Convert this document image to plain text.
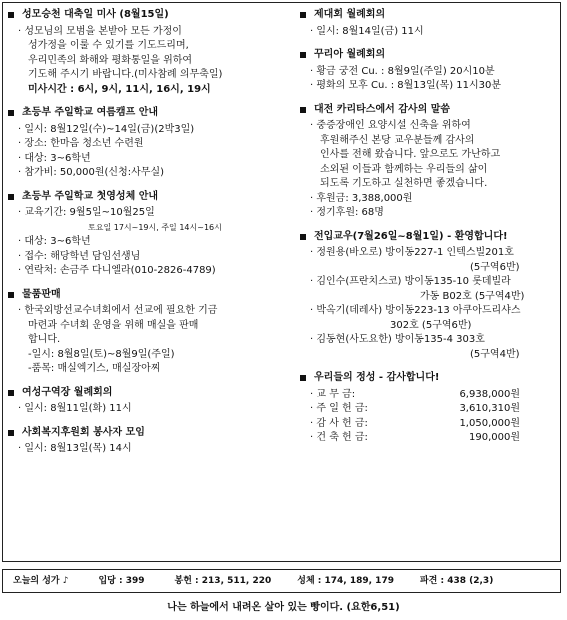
성모승천 대축일 미사 (8월15일)
· 성모님의 모범을 본받아 모든 가정이
성가정을 이룰 수 있기를 기도드리며,
우리민족의 화해와 평화통일을 위하여
기도해 주시기 바랍니다.(미사참례 의무축일)
미사시간 : 6시, 9시, 11시, 16시, 19시
초등부 주일학교 여름캠프 안내
· 일시: 8월12일(수)~14일(금)(2박3일)
· 장소: 한마음 청소년 수련원
· 대상: 3~6학년
· 참가비: 50,000원(신청:사무실)
초등부 주일학교 첫영성체 안내
· 교육기간: 9월5일~10월25일
토요일 17시~19시, 주일 14시~16시
· 대상: 3~6학년
· 접수: 해당학년 담임선생님
· 연락처: 손금주 다니엘라(010-2826-4789)
물품판매
· 한국외방선교수녀회에서 선교에 필요한 기금
마련과 수녀회 운영을 위해 매실을 판매
합니다.
-일시: 8월8일(토)~8월9일(주일)
-품목: 매실엑기스, 매실장아찌
여성구역장 월례회의
· 일시: 8월11일(화) 11시
사회복지후원회 봉사자 모임
· 일시: 8월13일(목) 14시
제대회 월례회의
· 일시: 8월14일(금) 11시
꾸리아 월례회의
· 황금 궁전 Cu. : 8월9일(주일) 20시10분
· 평화의 모후 Cu. : 8월13일(목) 11시30분
대전 카리타스에서 감사의 말씀
· 중증장애인 요양시설 신축을 위하여
후원해주신 본당 교우분들께 감사의
인사를 전해 왔습니다. 앞으로도 가난하고
소외된 이들과 함께하는 우리들의 삶이
되도록 기도하고 실천하면 좋겠습니다.
· 후원금: 3,388,000원
· 정기후원: 68명
전입교우(7월26일~8월1일) - 환영합니다!
· 정원용(바오로) 방이동227-1 인텍스빌201호
(5구역6반)
· 김인수(프란치스코) 방이동135-10 롯데빌라
가동 B02호 (5구역4반)
· 박옥기(데레사) 방이동223-13 아쿠아드리샤스
302호 (5구역6반)
· 김동현(사도요한) 방이동135-4 303호
(5구역4반)
우리들의 정성 - 감사합니다!
· 교 무 금:	6,938,000원
· 주 일 헌 금:	3,610,310원
· 감 사 헌 금:	1,050,000원
· 건 축 헌 금:	190,000원
오늘의 성가 ♪	입당 : 399	봉헌 : 213, 511, 220	성체 : 174, 189, 179	파견 : 438 (2,3)
나는 하늘에서 내려온 살아 있는 빵이다. (요한6,51)
